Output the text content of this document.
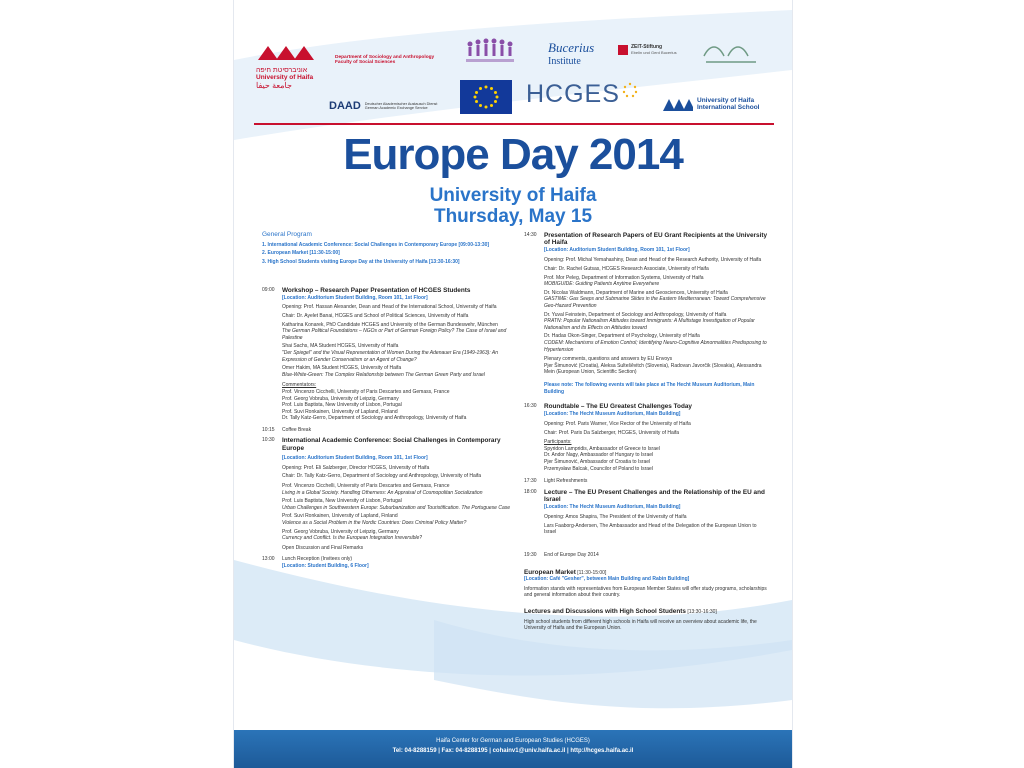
אוניברסיטת חיפה
University of Haifa
جامعة حيفا
Department of Sociology and Anthropology
Faculty of Social Sciences
Bucerius
Institute
ZEIT-Stiftung
Ebelin und Gerd Bucerius
DAAD Deutscher Akademischer Austausch Dienst
German Academic Exchange Service	HCGES	University of Haifa
International School
Europe Day 2014
University of Haifa
Thursday, May 15
General Program
1. International Academic Conference: Social Challenges in Contemporary Europe [09:00-13:30]
2. European Market [11:30-15:00]
3. High School Students visiting Europe Day at the University of Haifa [13:30-16:30]
09:00 Workshop – Research Paper Presentation of HCGES Students
[Location: Auditorium Student Building, Room 101, 1st Floor]
Opening: Prof. Hassan Alexander, Dean and Head of the International School, University of Haifa
Chair: Dr. Ayelet Banai, HCGES and School of Political Sciences, University of Haifa
Katharina Konarek, PhD Candidate HCGES and University of the German Bundeswehr, München
The German Political Foundations – NGOs or Part of German Foreign Policy? The Case of Israel and Palestine
Shai Sachs, MA Student HCGES, University of Haifa
"Der Spiegel" and the Visual Representation of Women During the Adenauer Era (1949-1963): An Expression of Gender Conservatism or an Agent of Change?
Omer Hakim, MA Student HCGES, University of Haifa
Blue-White-Green: The Complex Relationship between The German Green Party and Israel
Commentators:
Prof. Vincenzo Cicchelli, University of Paris Descartes and Gemass, France
Prof. Georg Vobruba, University of Leipzig, Germany
Prof. Luis Baptista, New University of Lisbon, Portugal
Prof. Suvi Ronkainen, University of Lapland, Finland
Dr. Tally Katz-Gerro, Department of Sociology and Anthropology, University of Haifa
10:15 Coffee Break
10:30 International Academic Conference: Social Challenges in Contemporary Europe
[Location: Auditorium Student Building, Room 101, 1st Floor]
Opening: Prof. Eli Salzberger, Director HCGES, University of Haifa
Chair: Dr. Tally Katz-Gerro, Department of Sociology and Anthropology, University of Haifa
Prof. Vincenzo Cicchelli, University of Paris Descartes and Gemass, France
Living in a Global Society. Handling Otherness: An Appraisal of Cosmopolitan Socialization
Prof. Luis Baptista, New University of Lisbon, Portugal
Urban Challenges in Southwestern Europe: Suburbanization and Touristification. The Portuguese Case
Prof. Suvi Ronkainen, University of Lapland, Finland
Violence as a Social Problem in the Nordic Countries: Does Criminal Policy Matter?
Prof. Georg Vobruba, University of Leipzig, Germany
Currency and Conflict. Is the European Integration Irreversible?
Open Discussion and Final Remarks
13:00 Lunch Reception (Invitees only)
[Location: Student Building, 6 Floor]
14:30 Presentation of Research Papers of EU Grant Recipients at the University of Haifa
[Location: Auditorium Student Building, Room 101, 1st Floor]
Opening: Prof. Michal Yemahashiny, Dean and Head of the Research Authority, University of Haifa
Chair: Dr. Rachel Gutsas, HCGES Research Associate, University of Haifa
Prof. Mor Peleg, Department of Information Systems, University of Haifa
MOBIGUIDE: Guiding Patients Anytime Everywhere
Dr. Nicolas Waldmann, Department of Marine and Geosciences, University of Haifa
GASTIME: Gas Seeps and Submarine Slides in the Eastern Mediterranean: Toward Comprehensive Geo-Hazard Prevention
Dr. Yuval Feinstein, Department of Sociology and Anthropology, University of Haifa
PRATN: Popular Nationalism Attitudes toward Immigrants: A Multistage Investigation of Popular Nationalism and its Effects on Attitudes toward
Dr. Hadas Okon-Singer, Department of Psychology, University of Haifa
CODEM: Mechanisms of Emotion Control; Identifying Neuro-Cognitive Abnormalities Predisposing to Hypertension
Plenary comments, questions and answers by EU Envoys
Pjer Šimunović (Croatia), Aleksa Sultešěvitch (Slovenia), Radovan Javorčik (Slovakia), Alessandra Mein (European Union, Scientific Section)
Please note: The following events will take place at The Hecht Museum Auditorium, Main Building
16:30 Roundtable – The EU Greatest Challenges Today
[Location: The Hecht Museum Auditorium, Main Building]
Opening: Prof. Paris Warner, Vice Rector of the University of Haifa
Chair: Prof. Paris Da Salzberger, HCGES, University of Haifa
Participants:
Spyridon Lampridis, Ambassador of Greece to Israel
Dr. Andor Nagy, Ambassador of Hungary to Israel
Pjer Šimunović, Ambassador of Croatia to Israel
Przemysław Balcak, Councilor of Poland to Israel
17:30 Light Refreshments
18:00 Lecture – The EU Present Challenges and the Relationship of the EU and Israel
[Location: The Hecht Museum Auditorium, Main Building]
Opening: Amos Shapira, The President of the University of Haifa
Lars Faaborg-Andersen, The Ambassador and Head of the Delegation of the European Union to Israel
19:30 End of Europe Day 2014
European Market [11:30-15:00]
[Location: Café "Gesher", between Main Building and Rabin Building]
Information stands with representatives from European Member States will offer study programs, scholarships and general information about their country.
Lectures and Discussions with High School Students [13:30-16:30]
High school students from different high schools in Haifa will receive an overview about academic life, the University of Haifa and the European Union.
Haifa Center for German and European Studies (HCGES)
Tel: 04-8288159 | Fax: 04-8288195 | cohainv1@univ.haifa.ac.il | http://hcges.haifa.ac.il
